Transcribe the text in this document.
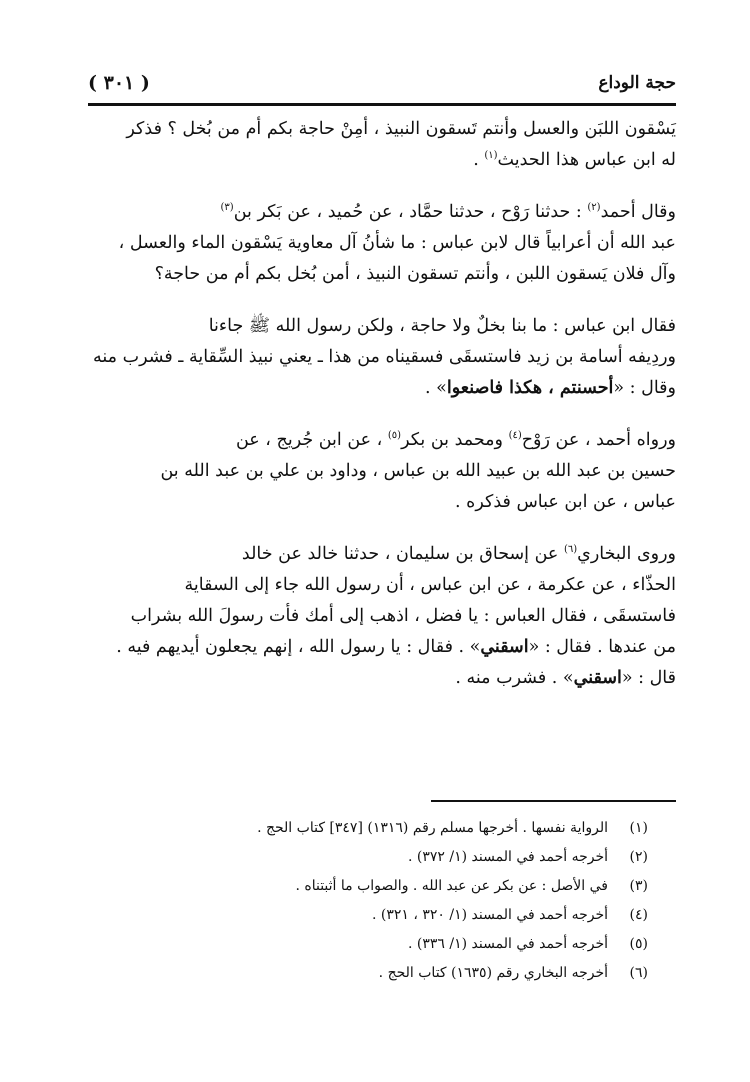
حجة الوداع
( ٣٠١ )

يَسْقون اللبَن والعسل وأنتم تَسقون النبيذ ، أمِنْ حاجة بكم أم من بُخل ؟ فذكر

له ابن عباس هذا الحديث$^{(١)}$ .

وقال أحمد$^{(٢)}$ : حدثنا رَوْح ، حدثنا حمَّاد ، عن حُميد ، عن بَكر بن$^{(٣)}$

عبد الله أن أعرابياً قال لابن عباس : ما شأنُ آل معاوية يَسْقون الماء والعسل ،

وآل فلان يَسقون اللبن ، وأنتم تسقون النبيذ ، أمن بُخل بكم أم من حاجة؟

فقال ابن عباس : ما بنا بخلٌ ولا حاجة ، ولكن رسول الله ﷺ جاءنا

وردِيفه أسامة بن زيد فاستسقَى فسقيناه من هذا ـ يعني نبيذ السِّقاية ـ فشرب منه

وقال : «أحسنتم ، هكذا فاصنعوا» .

ورواه أحمد ، عن رَوْح$^{(٤)}$ ومحمد بن بكر$^{(٥)}$ ، عن ابن جُريج ، عن

حسين بن عبد الله بن عبيد الله بن عباس ، وداود بن علي بن عبد الله بن

عباس ، عن ابن عباس فذكره .

وروى البخاري$^{(٦)}$ عن إسحاق بن سليمان ، حدثنا خالد عن خالد

الحذّاء ، عن عكرمة ، عن ابن عباس ، أن رسول الله جاء إلى السقاية

فاستسقَى ، فقال العباس : يا فضل ، اذهب إلى أمك فأت رسولَ الله بشراب

من عندها . فقال : «اسقني» . فقال : يا رسول الله ، إنهم يجعلون أيديهم فيه .

قال : «اسقني» . فشرب منه .

(١)
الرواية نفسها . أخرجها مسلم رقم (١٣١٦) [٣٤٧] كتاب الحج .
(٢)
أخرجه أحمد في المسند (١/ ٣٧٢) .
(٣)
في الأصل : عن بكر عن عبد الله . والصواب ما أثبتناه .
(٤)
أخرجه أحمد في المسند (١/ ٣٢٠ ، ٣٢١) .
(٥)
أخرجه أحمد في المسند (١/ ٣٣٦) .
(٦)
أخرجه البخاري رقم (١٦٣٥) كتاب الحج .
